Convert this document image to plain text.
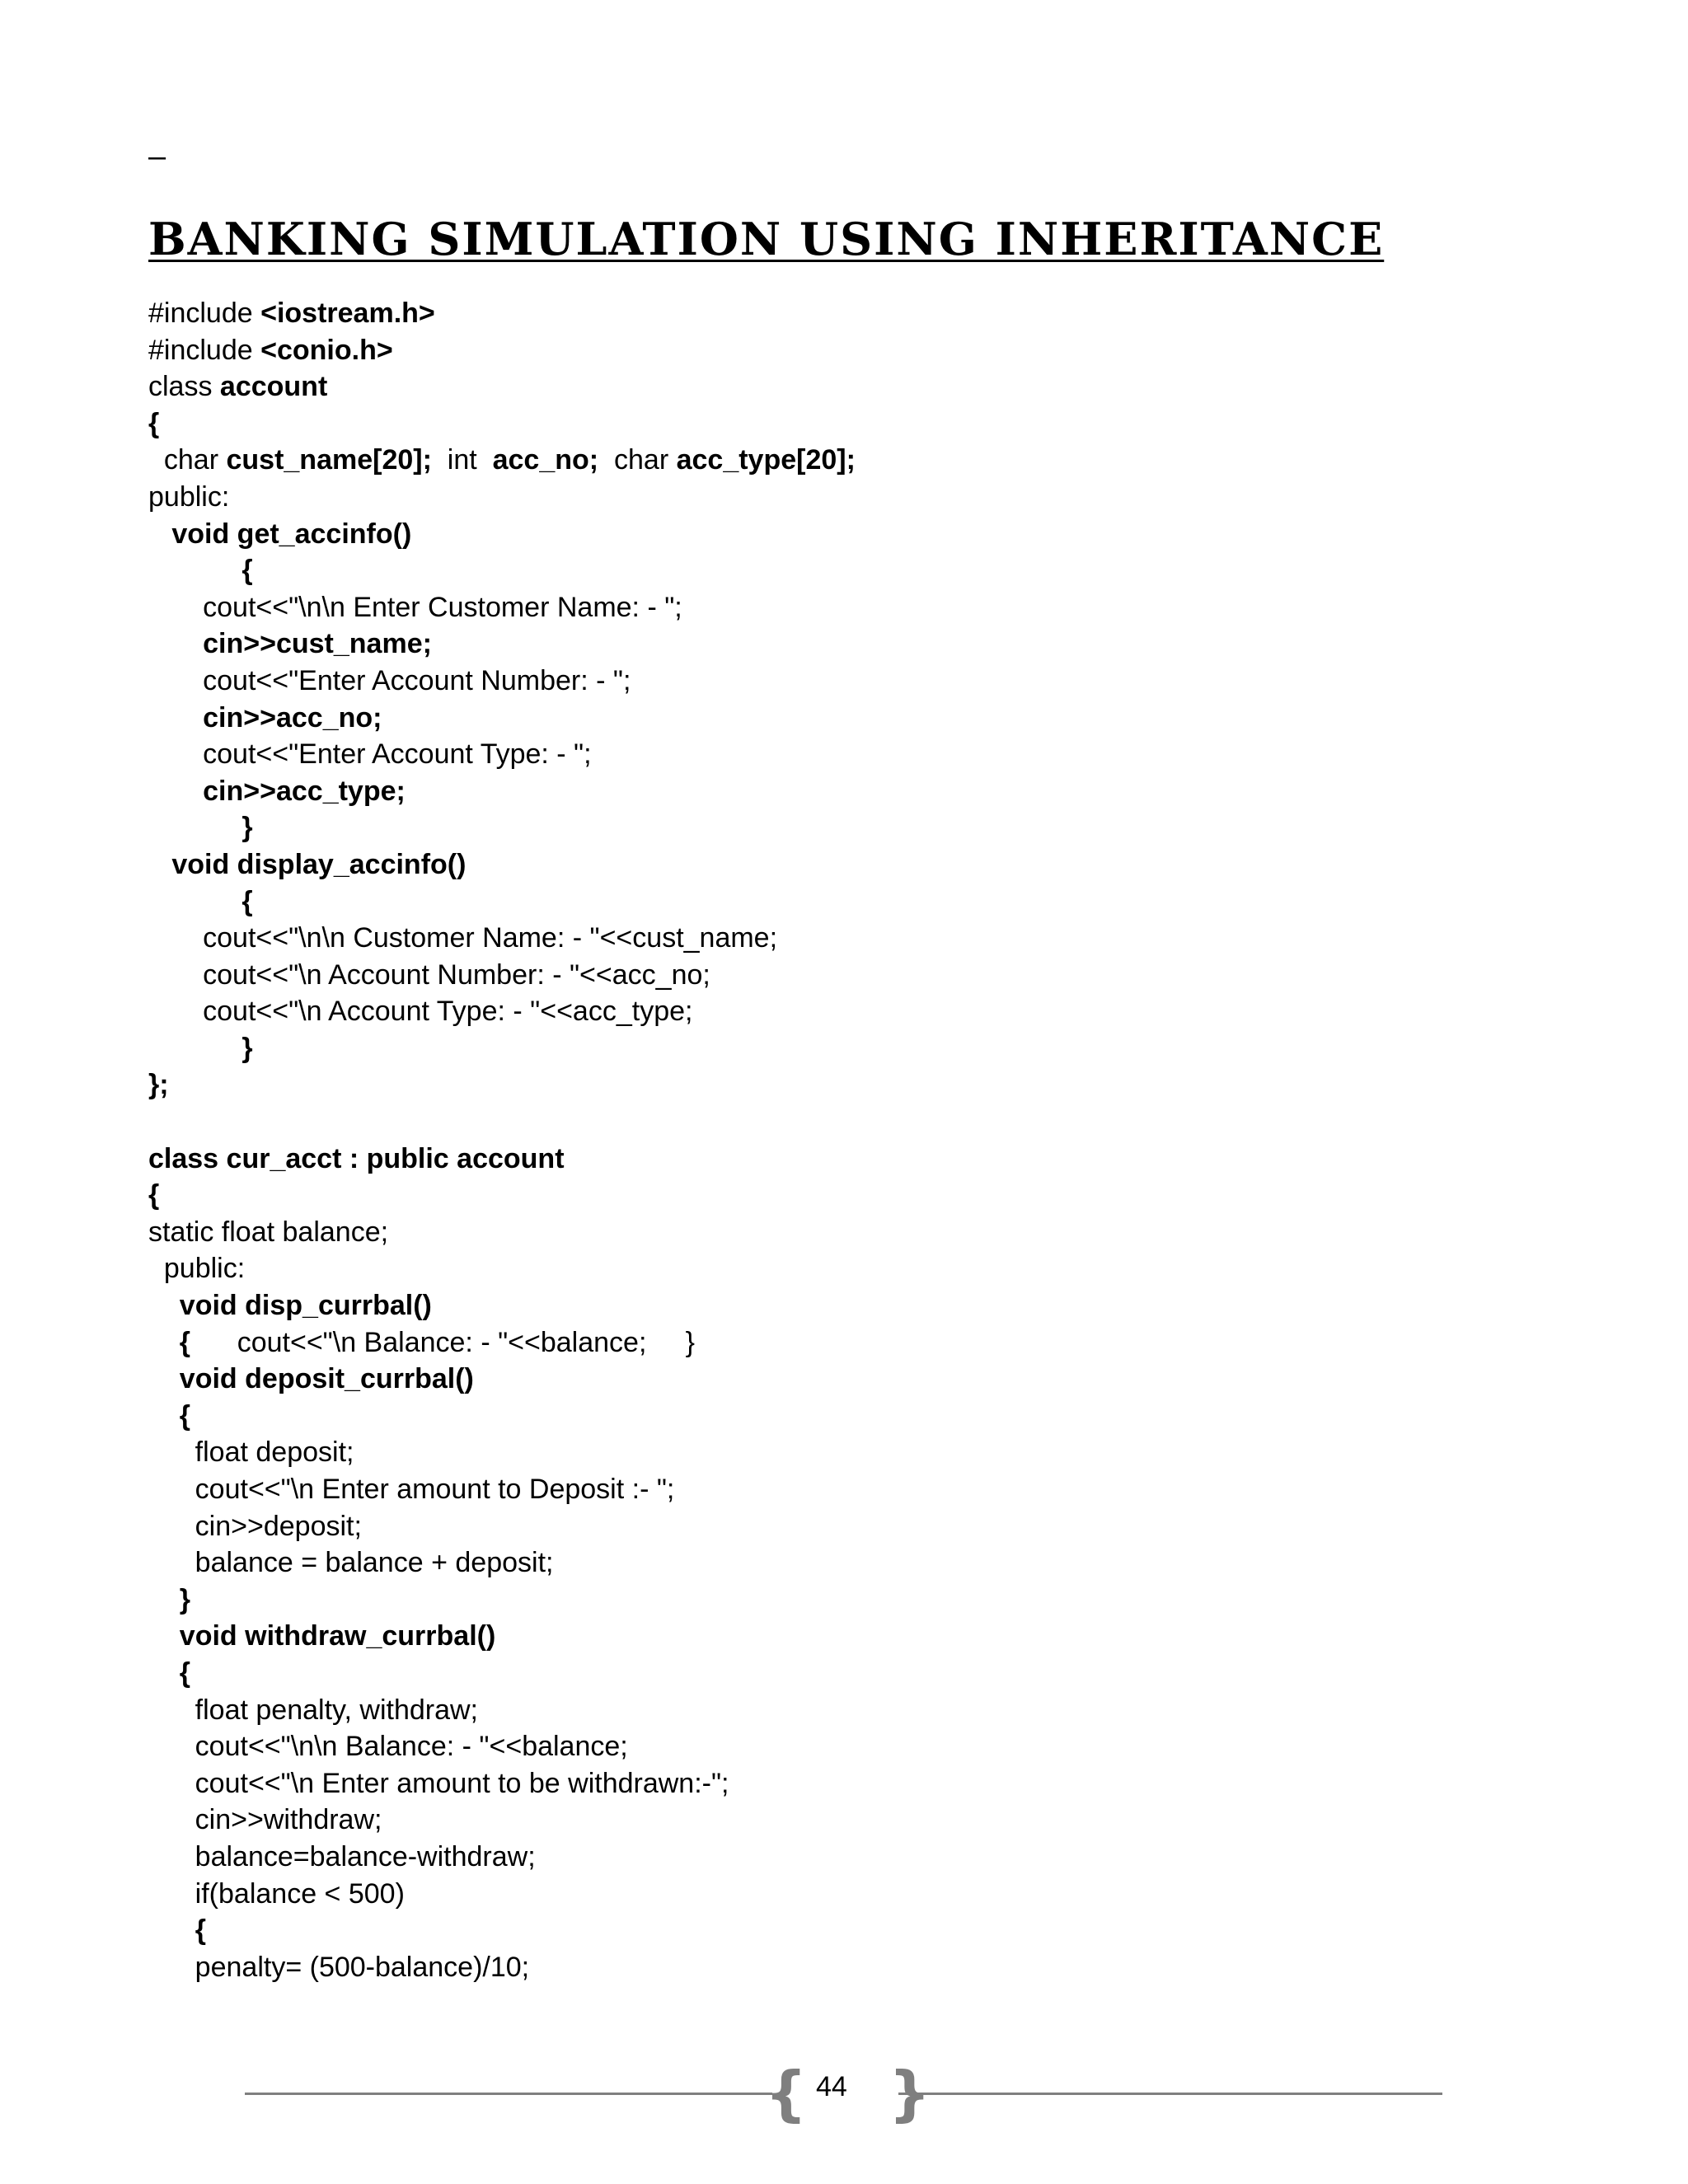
–
BANKING SIMULATION USING INHERITANCE
#include <iostream.h>
#include <conio.h>
class account
{
char cust_name[20];  int  acc_no;  char acc_type[20];
public:
void get_accinfo()
{
cout<<"\n\n Enter Customer Name: - ";
cin>>cust_name;
cout<<"Enter Account Number: - ";
cin>>acc_no;
cout<<"Enter Account Type: - ";
cin>>acc_type;
}
void display_accinfo()
{
cout<<"\n\n Customer Name: - "<<cust_name;
cout<<"\n Account Number: - "<<acc_no;
cout<<"\n Account Type: - "<<acc_type;
}
};
class cur_acct : public account
{
static float balance;
public:
void disp_currbal()
{      cout<<"\n Balance: - "<<balance;     }
void deposit_currbal()
{
float deposit;
cout<<"\n Enter amount to Deposit :- ";
cin>>deposit;
balance = balance + deposit;
}
void withdraw_currbal()
{
float penalty, withdraw;
cout<<"\n\n Balance: - "<<balance;
cout<<"\n Enter amount to be withdrawn:-";
cin>>withdraw;
balance=balance-withdraw;
if(balance < 500)
{
penalty= (500-balance)/10;
{ }
44
